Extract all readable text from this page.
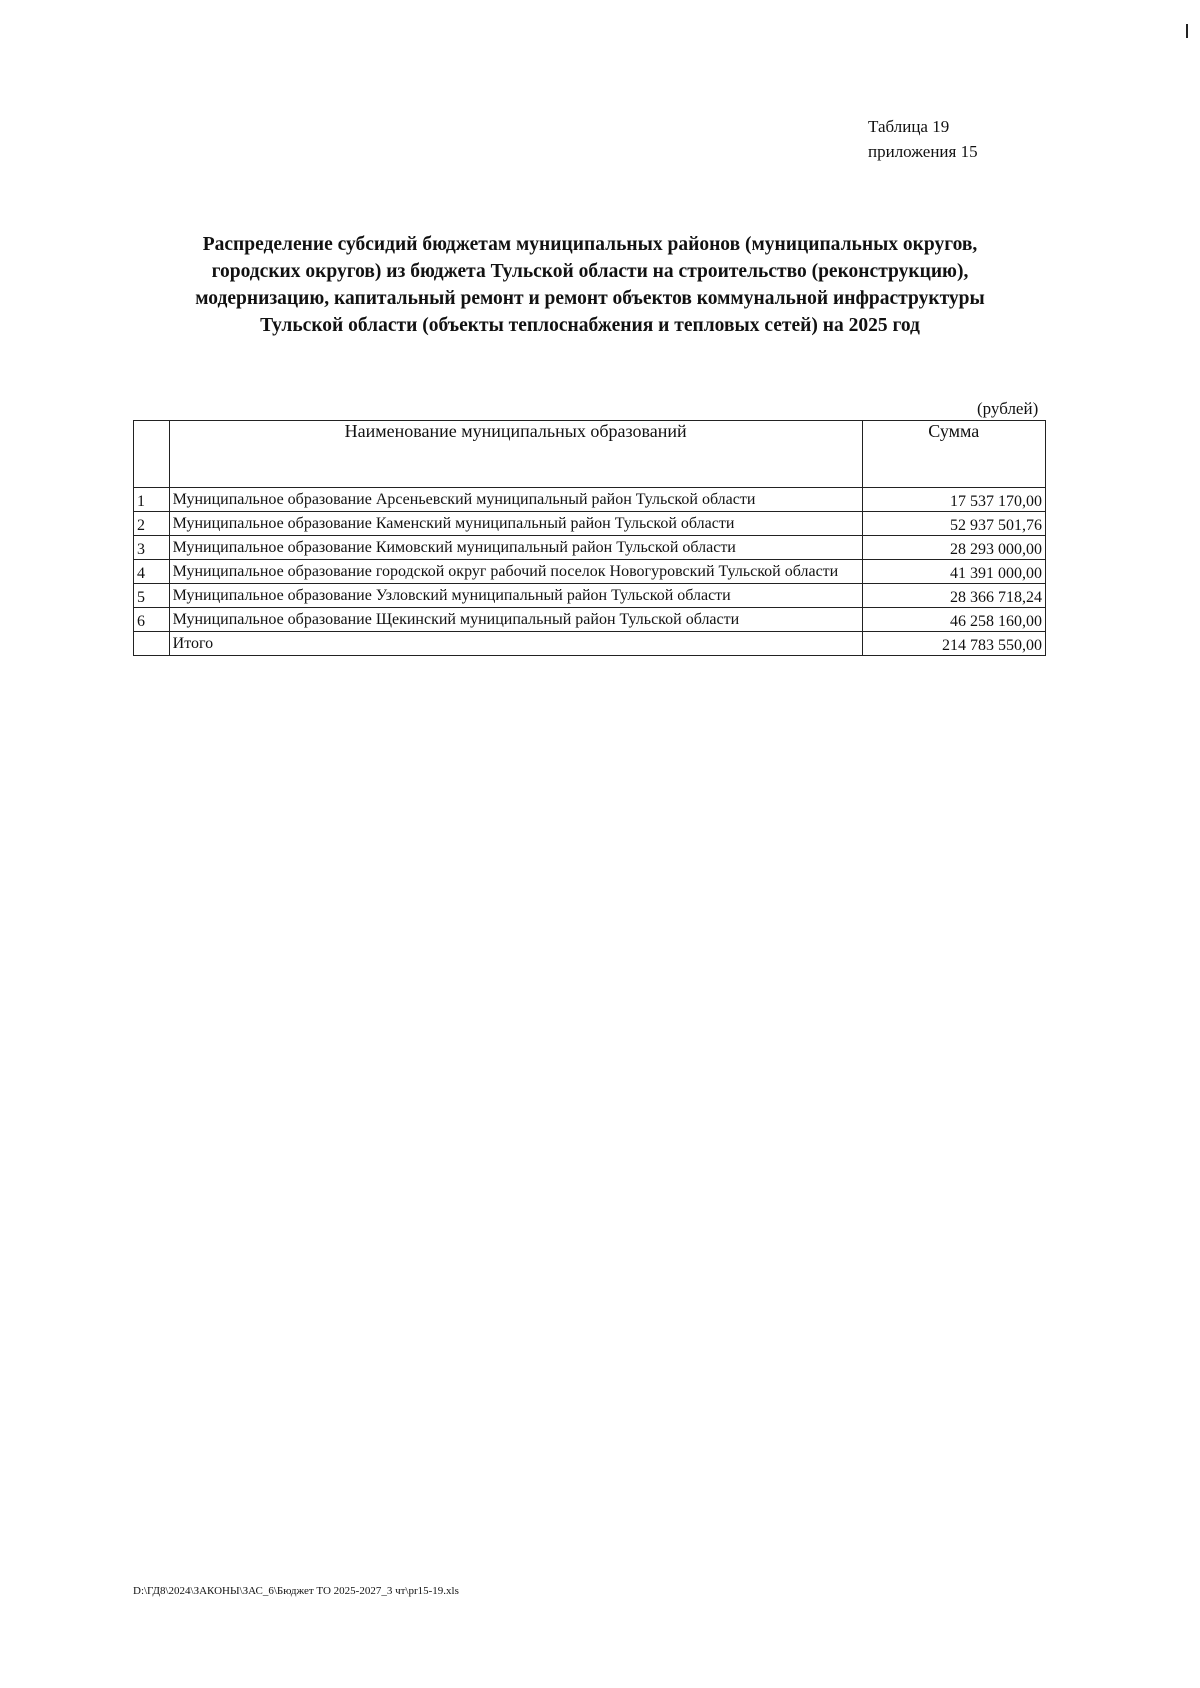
Таблица 19
приложения 15
Распределение субсидий бюджетам муниципальных районов (муниципальных округов,
городских округов) из бюджета Тульской области на строительство (реконструкцию),
модернизацию, капитальный ремонт и ремонт объектов коммунальной инфраструктуры
Тульской области (объекты теплоснабжения и тепловых сетей) на 2025 год
(рублей)
	Наименование муниципальных образований	Сумма
1	Муниципальное образование Арсеньевский муниципальный район Тульской области	17 537 170,00
2	Муниципальное образование Каменский муниципальный район Тульской области	52 937 501,76
3	Муниципальное образование Кимовский муниципальный район Тульской области	28 293 000,00
4	Муниципальное образование городской округ рабочий поселок Новогуровский Тульской области	41 391 000,00
5	Муниципальное образование Узловский муниципальный район Тульской области	28 366 718,24
6	Муниципальное образование Щекинский муниципальный район Тульской области	46 258 160,00
	Итого	214 783 550,00
D:\ГД8\2024\ЗАКОНЫ\ЗАС_6\Бюджет ТО 2025-2027_3 чт\pr15-19.xls
